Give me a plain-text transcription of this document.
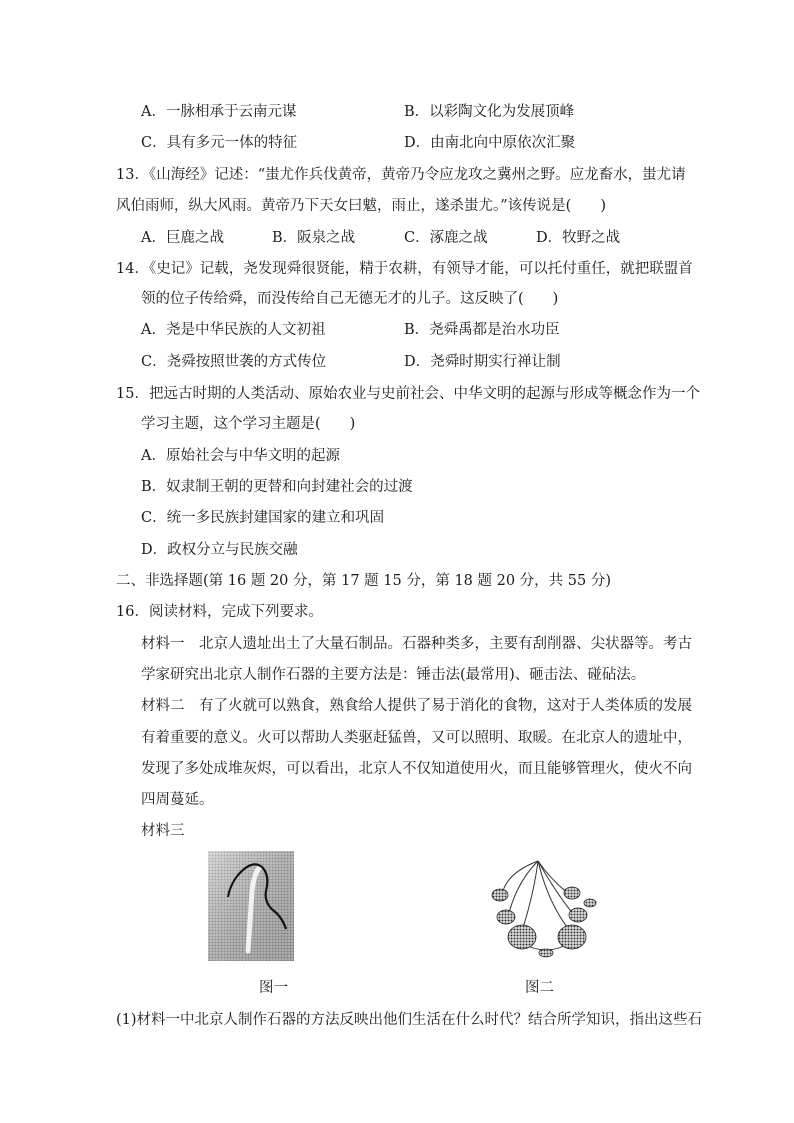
A．一脉相承于云南元谋	B．以彩陶文化为发展顶峰
C．具有多元一体的特征	D．由南北向中原依次汇聚
13．《山海经》记述：“蚩尤作兵伐黄帝，黄帝乃令应龙攻之冀州之野。应龙畜水，蚩尤请
风伯雨师，纵大风雨。黄帝乃下天女曰魃，雨止，遂杀蚩尤。”该传说是(　　)
A．巨鹿之战	B．阪泉之战	C．涿鹿之战	D．牧野之战
14．《史记》记载，尧发现舜很贤能，精于农耕，有领导才能，可以托付重任，就把联盟首
领的位子传给舜，而没传给自己无德无才的儿子。这反映了(　　)
A．尧是中华民族的人文初祖	B．尧舜禹都是治水功臣
C．尧舜按照世袭的方式传位	D．尧舜时期实行禅让制
15．把远古时期的人类活动、原始农业与史前社会、中华文明的起源与形成等概念作为一个
学习主题，这个学习主题是(　　)
A．原始社会与中华文明的起源
B．奴隶制王朝的更替和向封建社会的过渡
C．统一多民族封建国家的建立和巩固
D．政权分立与民族交融
二、非选择题(第 16 题 20 分，第 17 题 15 分，第 18 题 20 分，共 55 分)
16．阅读材料，完成下列要求。
材料一　北京人遗址出土了大量石制品。石器种类多，主要有刮削器、尖状器等。考古
学家研究出北京人制作石器的主要方法是：锤击法(最常用)、砸击法、碰砧法。
材料二　有了火就可以熟食，熟食给人提供了易于消化的食物，这对于人类体质的发展
有着重要的意义。火可以帮助人类驱赶猛兽，又可以照明、取暖。在北京人的遗址中，
发现了多处成堆灰烬，可以看出，北京人不仅知道使用火，而且能够管理火，使火不向
四周蔓延。
材料三
图一	图二
(1)材料一中北京人制作石器的方法反映出他们生活在什么时代？结合所学知识，指出这些石
